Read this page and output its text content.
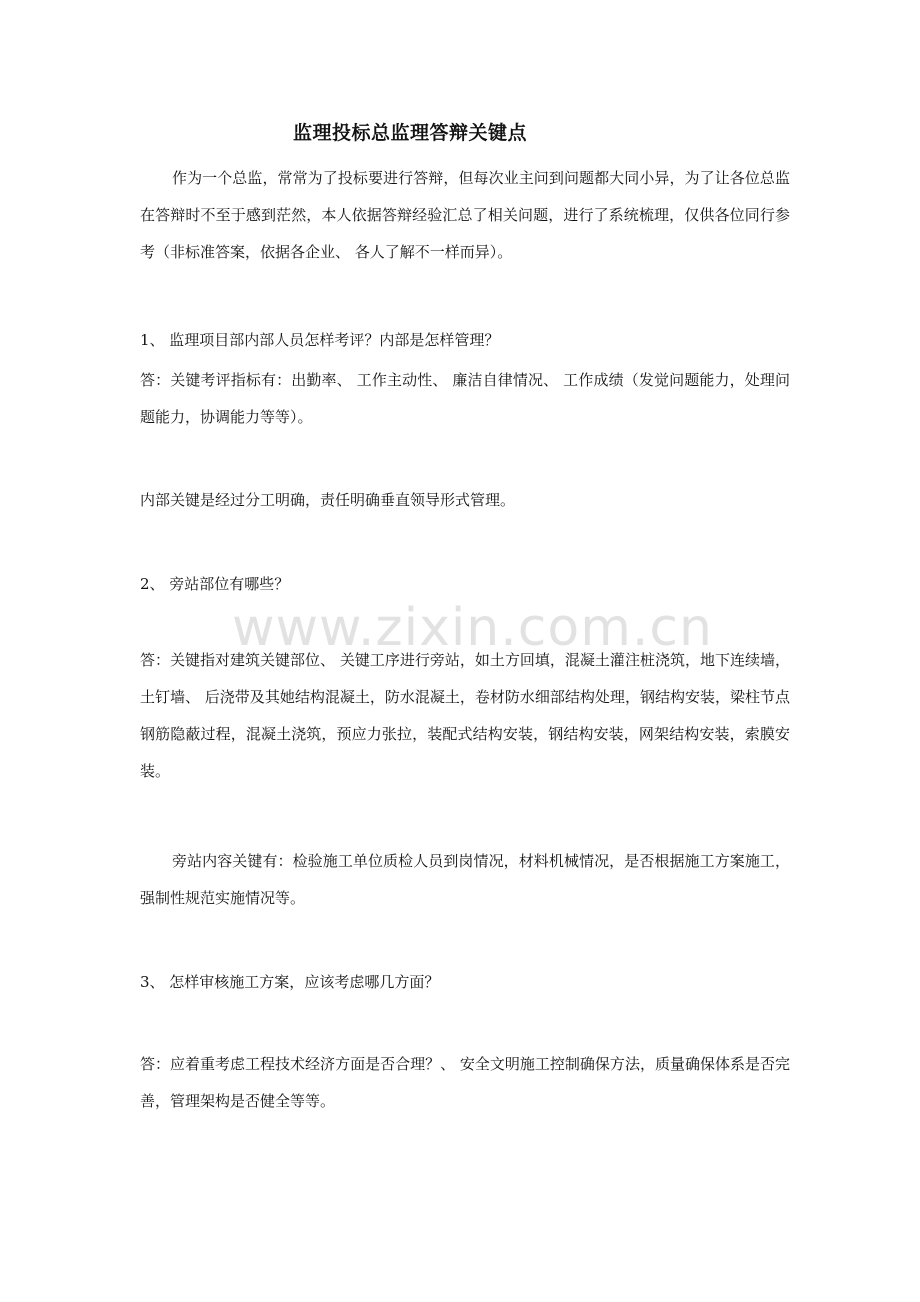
www.zixin.com.cn
监理投标总监理答辩关键点
作为一个总监，常常为了投标要进行答辩，但每次业主问到问题都大同小异，为了让各位总监在答辩时不至于感到茫然，本人依据答辩经验汇总了相关问题，进行了系统梳理，仅供各位同行参考（非标准答案，依据各企业、 各人了解不一样而异）。
1、 监理项目部内部人员怎样考评？内部是怎样管理？
答：关键考评指标有：出勤率、 工作主动性、 廉洁自律情况、 工作成绩（发觉问题能力，处理问题能力，协调能力等等）。
内部关键是经过分工明确，责任明确垂直领导形式管理。
2、 旁站部位有哪些？
答：关键指对建筑关键部位、 关键工序进行旁站，如土方回填，混凝土灌注桩浇筑，地下连续墙，土钉墙、 后浇带及其她结构混凝土，防水混凝土，卷材防水细部结构处理，钢结构安装，梁柱节点钢筋隐蔽过程，混凝土浇筑，预应力张拉，装配式结构安装，钢结构安装，网架结构安装，索膜安装。
旁站内容关键有：检验施工单位质检人员到岗情况，材料机械情况，是否根据施工方案施工，强制性规范实施情况等。
3、 怎样审核施工方案，应该考虑哪几方面？
答：应着重考虑工程技术经济方面是否合理？、 安全文明施工控制确保方法，质量确保体系是否完善，管理架构是否健全等等。
